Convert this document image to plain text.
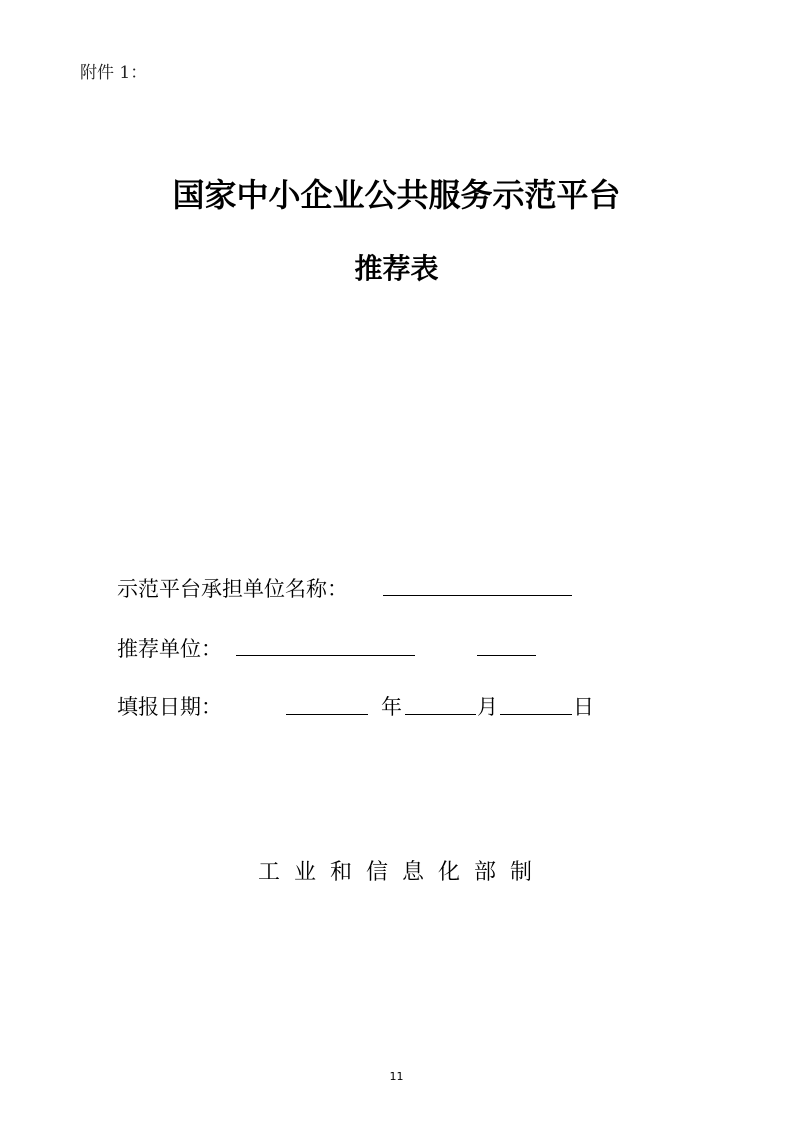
附件 1：
国家中小企业公共服务示范平台
推荐表
示范平台承担单位名称：
推荐单位：
填报日期：	年	月	日
工业和信息化部制
11
